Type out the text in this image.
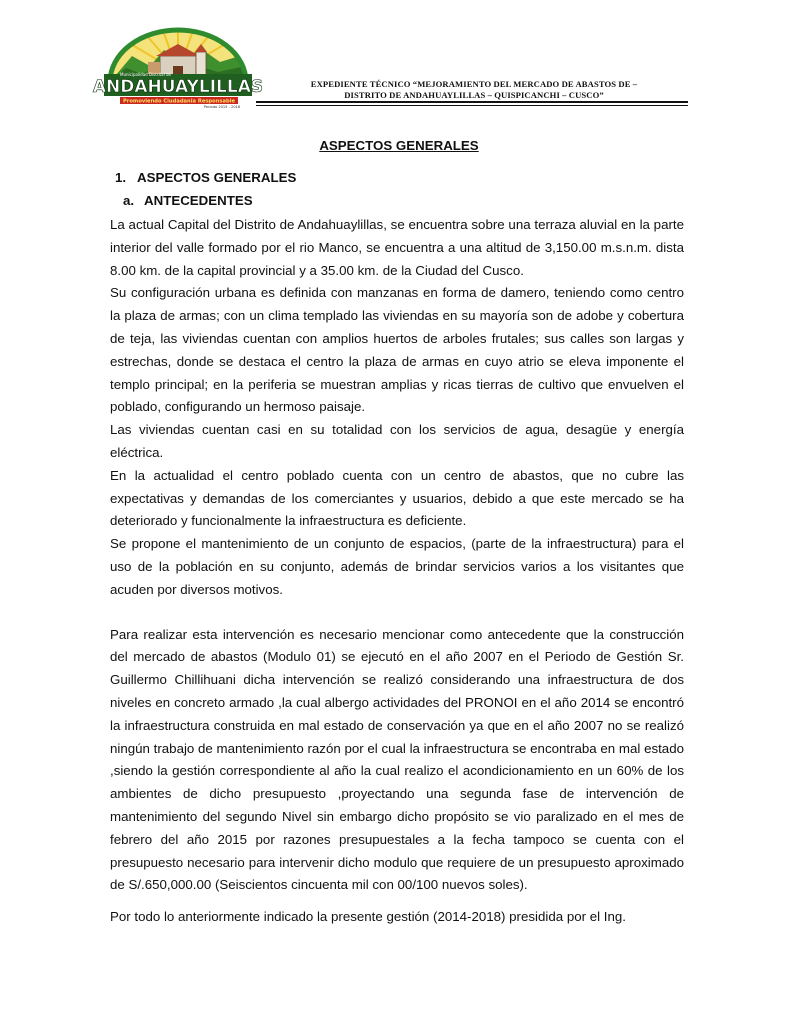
ANDAHUAYLILLAS
Municipalidad Distrital de
Promoviendo Ciudadania Responsable
Periodo 2015 - 2018
EXPEDIENTE TÉCNICO “MEJORAMIENTO DEL MERCADO DE ABASTOS DE –
DISTRITO DE ANDAHUAYLILLAS – QUISPICANCHI – CUSCO”
ASPECTOS GENERALES
1. ASPECTOS GENERALES
a. ANTECEDENTES

La actual Capital del Distrito de Andahuaylillas, se encuentra sobre una terraza aluvial en la parte interior del valle formado por el rio Manco, se encuentra a una altitud de 3,150.00 m.s.n.m. dista 8.00 km. de la capital provincial y a 35.00 km. de la Ciudad del Cusco.

Su configuración urbana es definida con manzanas en forma de damero, teniendo como centro la plaza de armas; con un clima templado las viviendas en su mayoría son de adobe y cobertura de teja, las viviendas cuentan con amplios huertos de arboles frutales; sus calles son largas y estrechas, donde se destaca el centro la plaza de armas en cuyo atrio se eleva imponente el templo principal; en la periferia se muestran amplias y ricas tierras de cultivo que envuelven el poblado, configurando un hermoso paisaje.

Las viviendas cuentan casi en su totalidad con los servicios de agua, desagüe y energía eléctrica.

En la actualidad el centro poblado cuenta con un centro de abastos, que no cubre las expectativas y demandas de los comerciantes y usuarios, debido a que este mercado se ha deteriorado y funcionalmente la infraestructura es deficiente.

Se propone el mantenimiento de un conjunto de espacios, (parte de la infraestructura) para el uso de la población en su conjunto, además de brindar servicios varios a los visitantes que acuden por diversos motivos.

Para realizar esta intervención es necesario mencionar como antecedente que la construcción del mercado de abastos (Modulo 01) se ejecutó en el año 2007 en el Periodo de Gestión Sr. Guillermo Chillihuani dicha intervención se realizó considerando una infraestructura de dos niveles en concreto armado ,la cual albergo actividades del PRONOI en el año 2014 se encontró la infraestructura construida en mal estado de conservación ya que en el año 2007 no se realizó ningún trabajo de mantenimiento razón por el cual la infraestructura se encontraba en mal estado ,siendo la gestión correspondiente al año la cual realizo el acondicionamiento en un 60% de los ambientes de dicho presupuesto ,proyectando una segunda fase de intervención de mantenimiento del segundo Nivel sin embargo dicho propósito se vio paralizado en el mes de febrero del año 2015 por razones presupuestales a la fecha tampoco se cuenta con el presupuesto necesario para intervenir dicho modulo que requiere de un presupuesto aproximado de S/.650,000.00 (Seiscientos cincuenta mil con 00/100 nuevos soles).

Por todo lo anteriormente indicado la presente gestión (2014-2018) presidida por el Ing.
